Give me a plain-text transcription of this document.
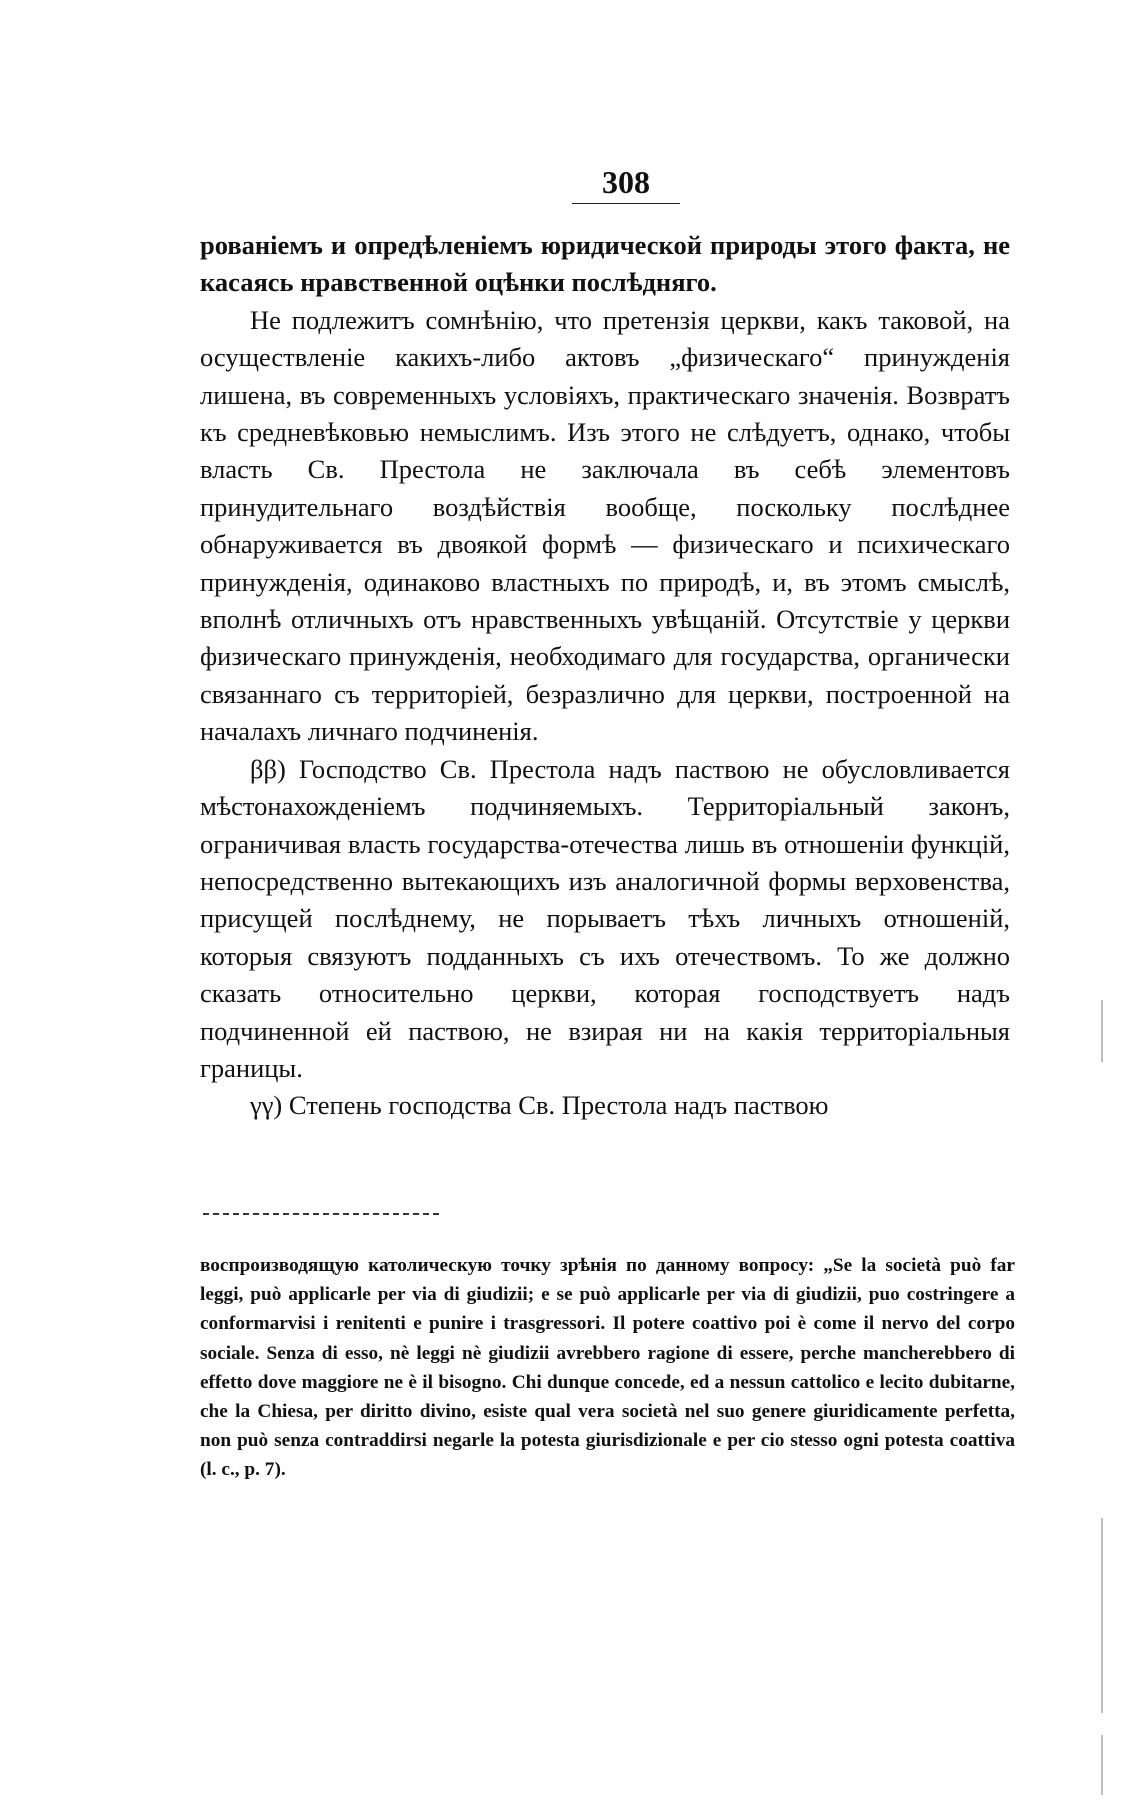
308

рованіемъ и опредѣленіемъ юридической природы этого факта, не касаясь нравственной оцѣнки послѣдняго.

Не подлежитъ сомнѣнію, что претензія церкви, какъ таковой, на осуществленіе какихъ-либо актовъ „физическаго“ принужденія лишена, въ современныхъ условіяхъ, практическаго значенія. Возвратъ къ средневѣковью немыслимъ. Изъ этого не слѣдуетъ, однако, чтобы власть Св. Престола не заключала въ себѣ элементовъ принудительнаго воздѣйствія вообще, поскольку послѣднее обнаруживается въ двоякой формѣ — физическаго и психическаго принужденія, одинаково властныхъ по природѣ, и, въ этомъ смыслѣ, вполнѣ отличныхъ отъ нравственныхъ увѣщаній. Отсутствіе у церкви физическаго принужденія, необходимаго для государства, органически связаннаго съ территоріей, безразлично для церкви, построенной на началахъ личнаго подчиненія.

ββ) Господство Св. Престола надъ паствою не обусловливается мѣстонахожденіемъ подчиняемыхъ. Территоріальный законъ, ограничивая власть государства-отечества лишь въ отношеніи функцій, непосредственно вытекающихъ изъ аналогичной формы верховенства, присущей послѣднему, не порываетъ тѣхъ личныхъ отношеній, которыя связуютъ подданныхъ съ ихъ отечествомъ. То же должно сказать относительно церкви, которая господствуетъ надъ подчиненной ей паствою, не взирая ни на какія территоріальныя границы.

γγ) Степень господства Св. Престола надъ паствою

воспроизводящую католическую точку зрѣнія по данному вопросу: „Se la società può far leggi, può applicarle per via di giudizii; e se può applicarle per via di giudizii, puo costringere a conformarvisi i renitenti e punire i trasgressori. Il potere coattivo poi è come il nervo del corpo sociale. Senza di esso, nè leggi nè giudizii avrebbero ragione di essere, perche mancherebbero di effetto dove maggiore ne è il bisogno. Chi dunque concede, ed a nessun cattolico e lecito dubitarne, che la Chiesa, per diritto divino, esiste qual vera società nel suo genere giuridicamente perfetta, non può senza contraddirsi negarle la potesta giurisdizionale e per cio stesso ogni potesta coattiva (l. c., p. 7).
